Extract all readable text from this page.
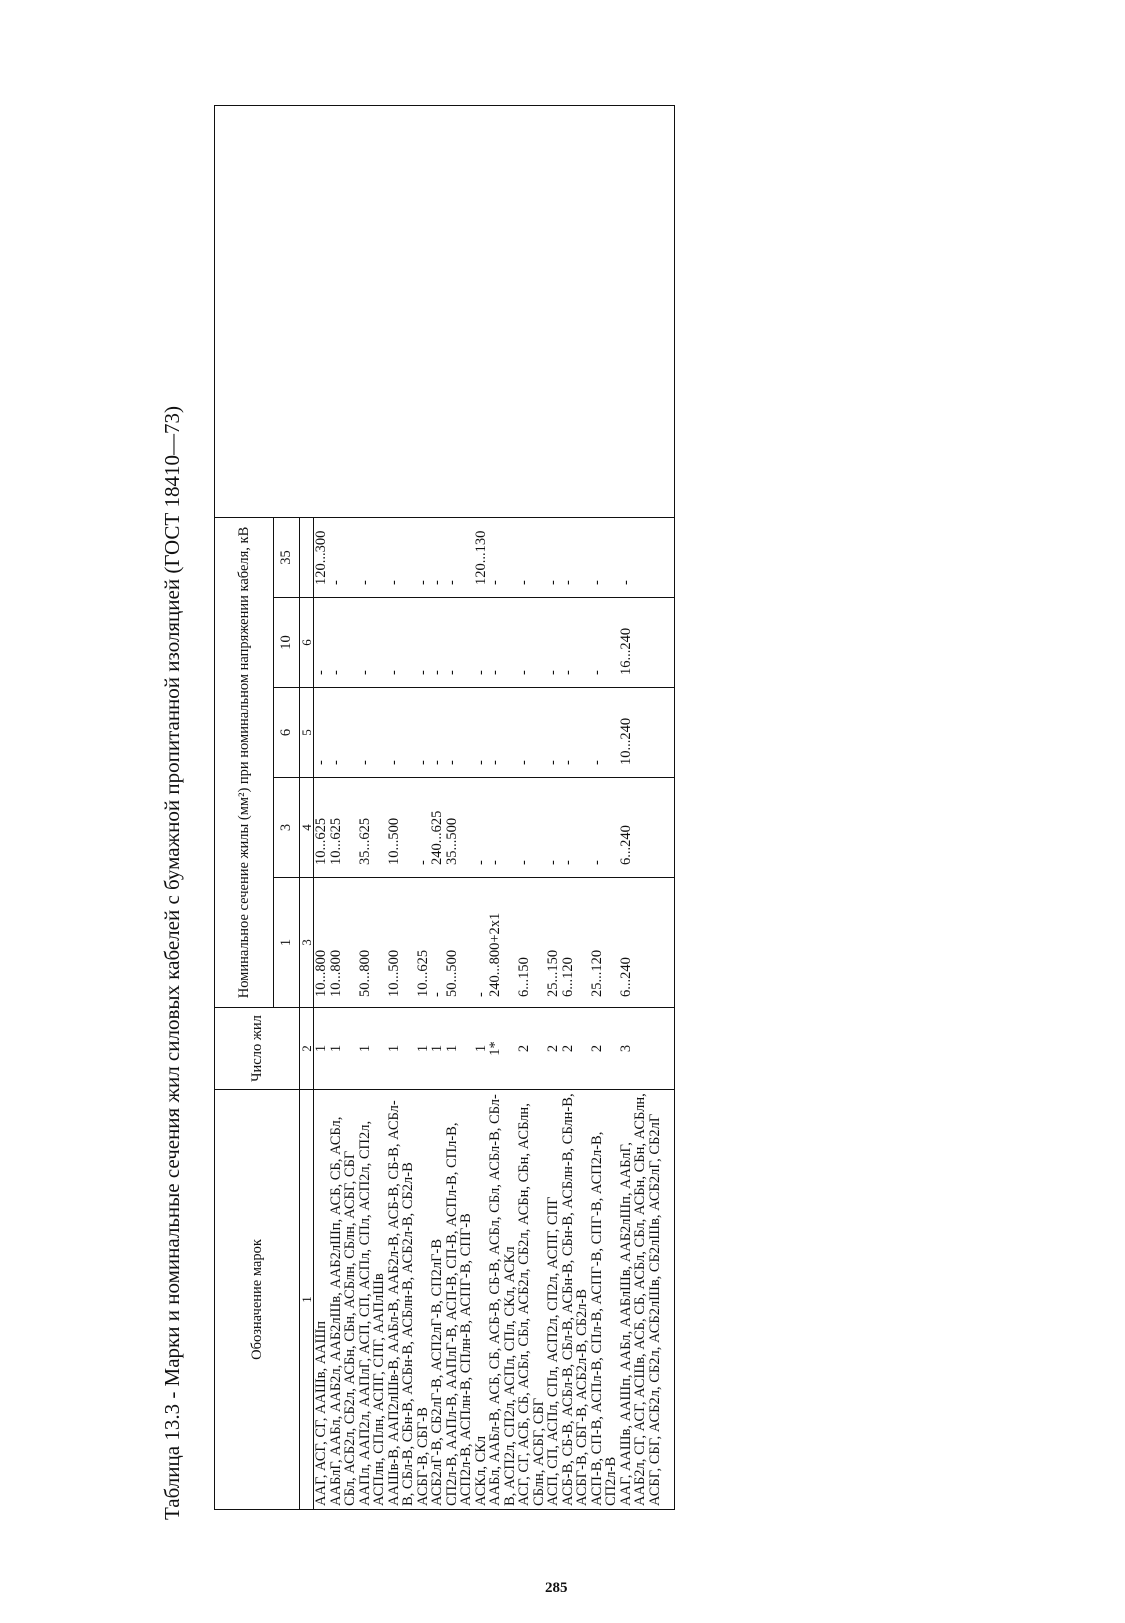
Таблица 13.3 - Марки и номинальные сечения жил силовых кабелей с бумажной пропитанной изоляцией (ГОСТ 18410—73)	Обозначение марок	Число жил	Номинальное сечение жилы (мм²) при номинальном напряжении кабеля, кВ					
		1	3	6	10	35	
1	2	3	4	5	6		
ААГ, АСГ, СГ, ААШв, ААШп	1	10...800	10...625	-	-	120...300	
ААБлГ, ААБл, ААБ2л, ААБ2лШв, ААБ2лШп, АСБ, СБ, АСБл, СБл, АСБ2л, СБ2л, АСБн, СБн, АСБлн, СБлн, АСБГ, СБГ	1	10...800	10...625	-	-	-	
ААПл, ААП2л, ААПлГ, АСП, СП, АСПл, СПл, АСП2л, СП2л, АСПлн, СПлн, АСПГ, СПГ, ААПлШв	1	50...800	35...625	-	-	-	
ААШв-В, ААП2лШв-В, ААБл-В, ААБ2л-В, АСБ-В, СБ-В, АСБл-В, СБл-В, СБн-В, АСБн-В, АСБлн-В, АСБ2л-В, СБ2л-В	1	10...500	10...500	-	-	-	
АСБГ-В, СБГ-В	1	10...625	-	-	-	-	
АСБ2лГ-В, СБ2лГ-В, АСП2лГ-В, СП2лГ-В	1	-	240...625	-	-	-	
СП2л-В, ААПл-В, ААПлГ-В, АСП-В, СП-В, АСПл-В, СПл-В, АСП2л-В, АСПлн-В, СПлн-В, АСПГ-В, СПГ-В	1	50...500	35...500	-	-	-	
АСКл, СКл	1	-	-	-	-	120...130	
ААБл, ААБл-В, АСБ, СБ, АСБ-В, СБ-В, АСБл, СБл, АСБл-В, СБл-В, АСП2л, СП2л, АСПл, СПл, СКл, АСКл	1*	240...800+2x1	-	-	-	-	
АСГ, СГ, АСБ, СБ, АСБл, СБл, АСБ2л, СБ2л, АСБн, СБн, АСБлн, СБлн, АСБГ, СБГ	2	6...150	-	-	-	-	
АСП, СП, АСПл, СПл, АСП2л, СП2л, АСПГ, СПГ	2	25...150	-	-	-	-	
АСБ-В, СБ-В, АСБл-В, СБл-В, АСБн-В, СБн-В, АСБлн-В, СБлн-В, АСБГ-В, СБГ-В, АСБ2л-В, СБ2л-В	2	6...120	-	-	-	-	
АСП-В, СП-В, АСПл-В, СПл-В, АСПГ-В, СПГ-В, АСП2л-В, СП2л-В	2	25...120	-	-	-	-	
ААГ, ААШв, ААШп, ААБл, ААБлШв, ААБ2лШп, ААБлГ, ААБ2л, СГ, АСГ, АСШв, АСБ, СБ, АСБл, СБл, АСБн, СБн, АСБлн, АСБГ, СБГ, АСБ2л, СБ2л, АСБ2лШв, СБ2лШв, АСБ2лГ, СБ2лГ	3	6...240	6...240	10...240	16...240	-	
285
